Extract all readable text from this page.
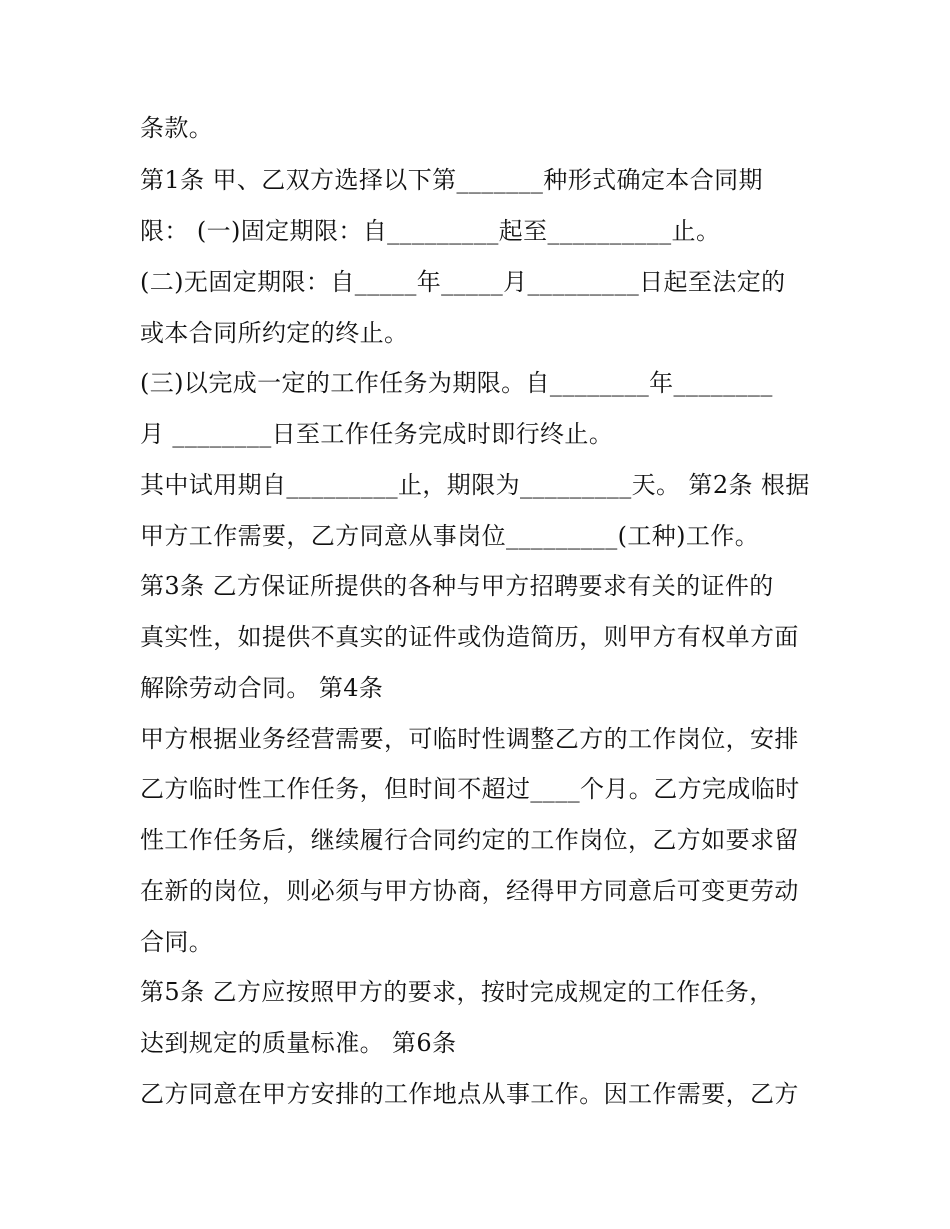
条款。

第1条 甲、乙双方选择以下第_______种形式确定本合同期

限： (一)固定期限：自_________起至__________止。

(二)无固定期限：自_____年_____月_________日起至法定的

或本合同所约定的终止。

(三)以完成一定的工作任务为期限。自________年________

月 ________日至工作任务完成时即行终止。

其中试用期自_________止，期限为_________天。 第2条 根据

甲方工作需要，乙方同意从事岗位_________(工种)工作。

第3条 乙方保证所提供的各种与甲方招聘要求有关的证件的

真实性，如提供不真实的证件或伪造简历，则甲方有权单方面

解除劳动合同。 第4条

甲方根据业务经营需要，可临时性调整乙方的工作岗位，安排

乙方临时性工作任务，但时间不超过____个月。乙方完成临时

性工作任务后，继续履行合同约定的工作岗位，乙方如要求留

在新的岗位，则必须与甲方协商，经得甲方同意后可变更劳动

合同。

第5条 乙方应按照甲方的要求，按时完成规定的工作任务，

达到规定的质量标准。 第6条

乙方同意在甲方安排的工作地点从事工作。因工作需要，乙方
